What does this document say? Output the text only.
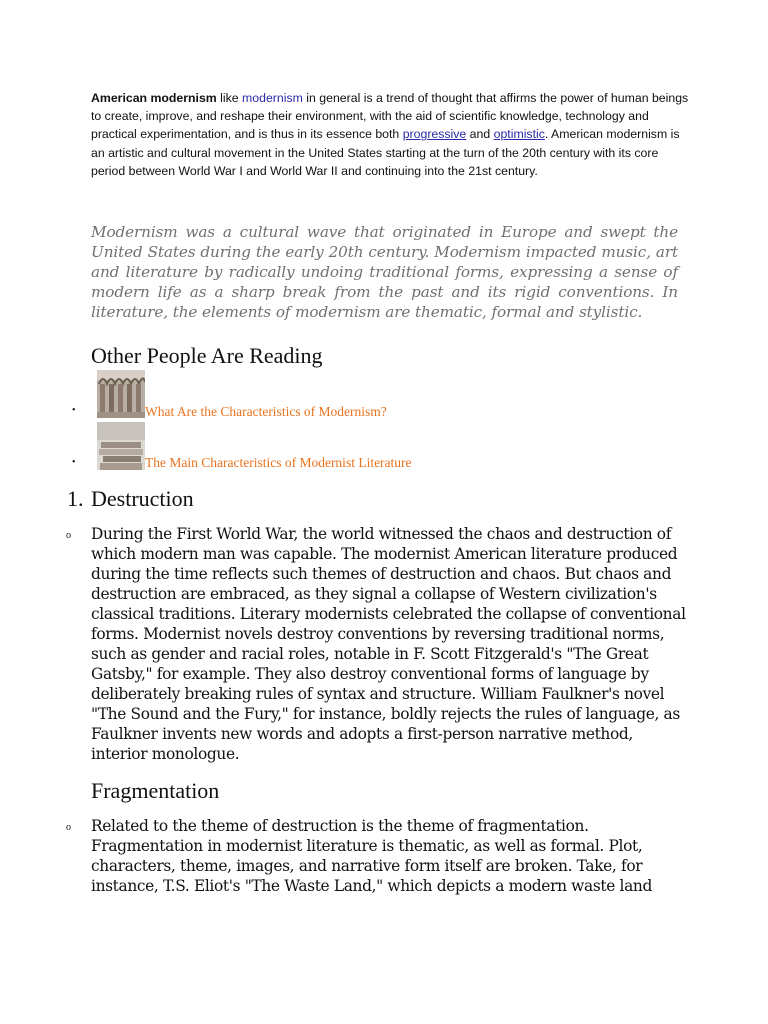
American modernism like modernism in general is a trend of thought that affirms the power of human beings to create, improve, and reshape their environment, with the aid of scientific knowledge, technology and practical experimentation, and is thus in its essence both progressive and optimistic. American modernism is an artistic and cultural movement in the United States starting at the turn of the 20th century with its core period between World War I and World War II and continuing into the 21st century.
Modernism was a cultural wave that originated in Europe and swept the United States during the early 20th century. Modernism impacted music, art and literature by radically undoing traditional forms, expressing a sense of modern life as a sharp break from the past and its rigid conventions. In literature, the elements of modernism are thematic, formal and stylistic.
Other People Are Reading
•	What Are the Characteristics of Modernism?
•	The Main Characteristics of Modernist Literature
1. Destruction
o During the First World War, the world witnessed the chaos and destruction of which modern man was capable. The modernist American literature produced during the time reflects such themes of destruction and chaos. But chaos and destruction are embraced, as they signal a collapse of Western civilization's classical traditions. Literary modernists celebrated the collapse of conventional forms. Modernist novels destroy conventions by reversing traditional norms, such as gender and racial roles, notable in F. Scott Fitzgerald's "The Great Gatsby," for example. They also destroy conventional forms of language by deliberately breaking rules of syntax and structure. William Faulkner's novel "The Sound and the Fury," for instance, boldly rejects the rules of language, as Faulkner invents new words and adopts a first-person narrative method, interior monologue.
Fragmentation
o Related to the theme of destruction is the theme of fragmentation. Fragmentation in modernist literature is thematic, as well as formal. Plot, characters, theme, images, and narrative form itself are broken. Take, for instance, T.S. Eliot's "The Waste Land," which depicts a modern waste land
